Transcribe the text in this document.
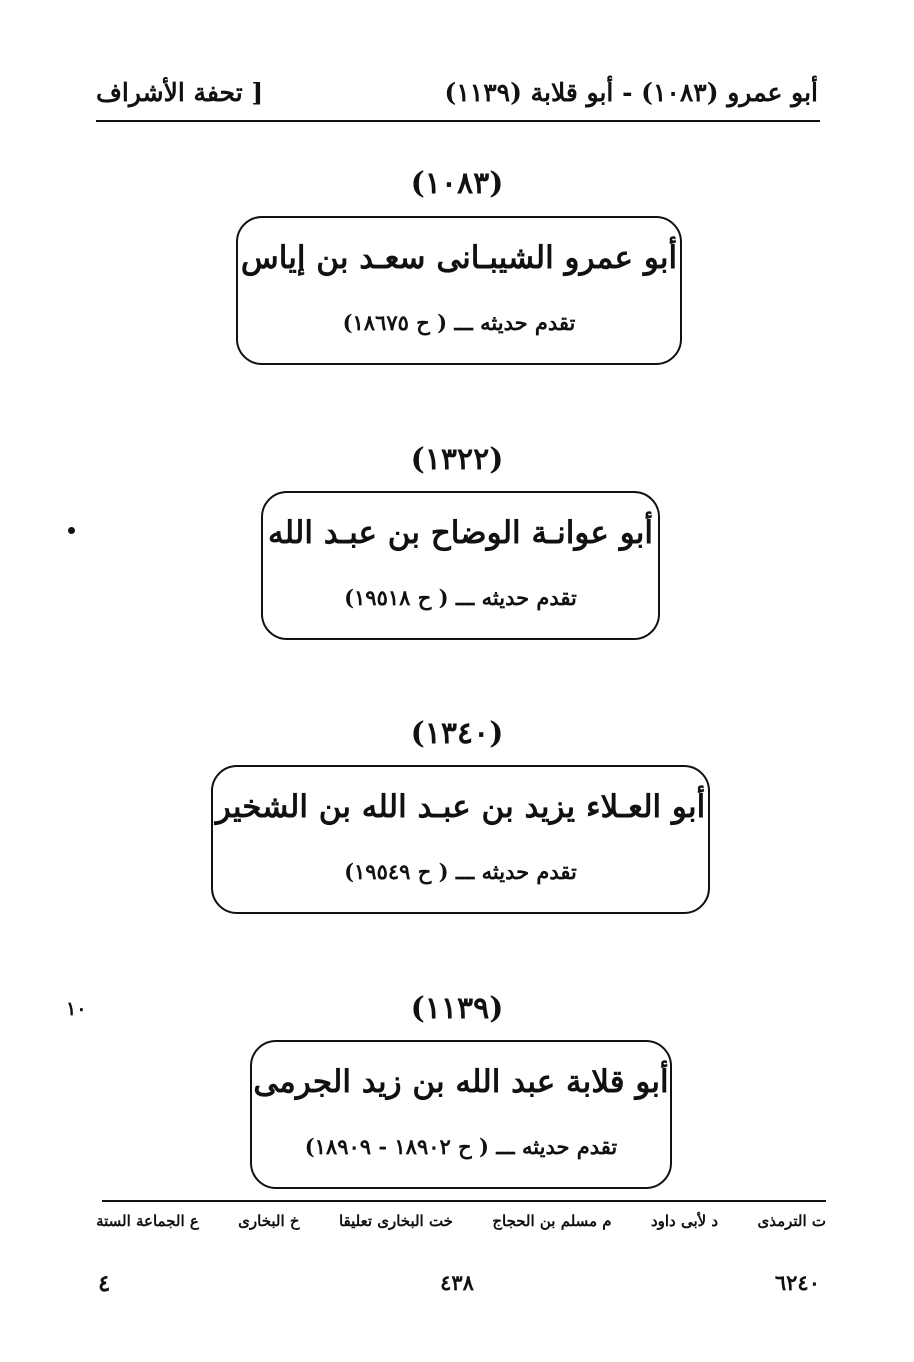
أبو عمرو (١٠٨٣) - أبو قلابة (١١٣٩)
[ تحفة الأشراف
(١٠٨٣)
أبو عمرو الشيبـانى سعـد بن إياس
تقدم حديثه ـــ ( ح ١٨٦٧٥)
(١٣٢٢)
أبو عوانـة الوضاح بن عبـد الله
تقدم حديثه ـــ ( ح ١٩٥١٨)
(١٣٤٠)
أبو العـلاء يزيد بن عبـد الله بن الشخير
تقدم حديثه ـــ ( ح ١٩٥٤٩)
(١١٣٩)
أبو قلابة عبد الله بن زيد الجرمى
تقدم حديثه ـــ ( ح ١٨٩٠٢ - ١٨٩٠٩)
١٠
ع الجماعة الستة	خ البخارى	خت البخارى تعليقا	م مسلم بن الحجاج	د لأبى داود	ت الترمذى
٦٢٤٠
٤٣٨
٤
